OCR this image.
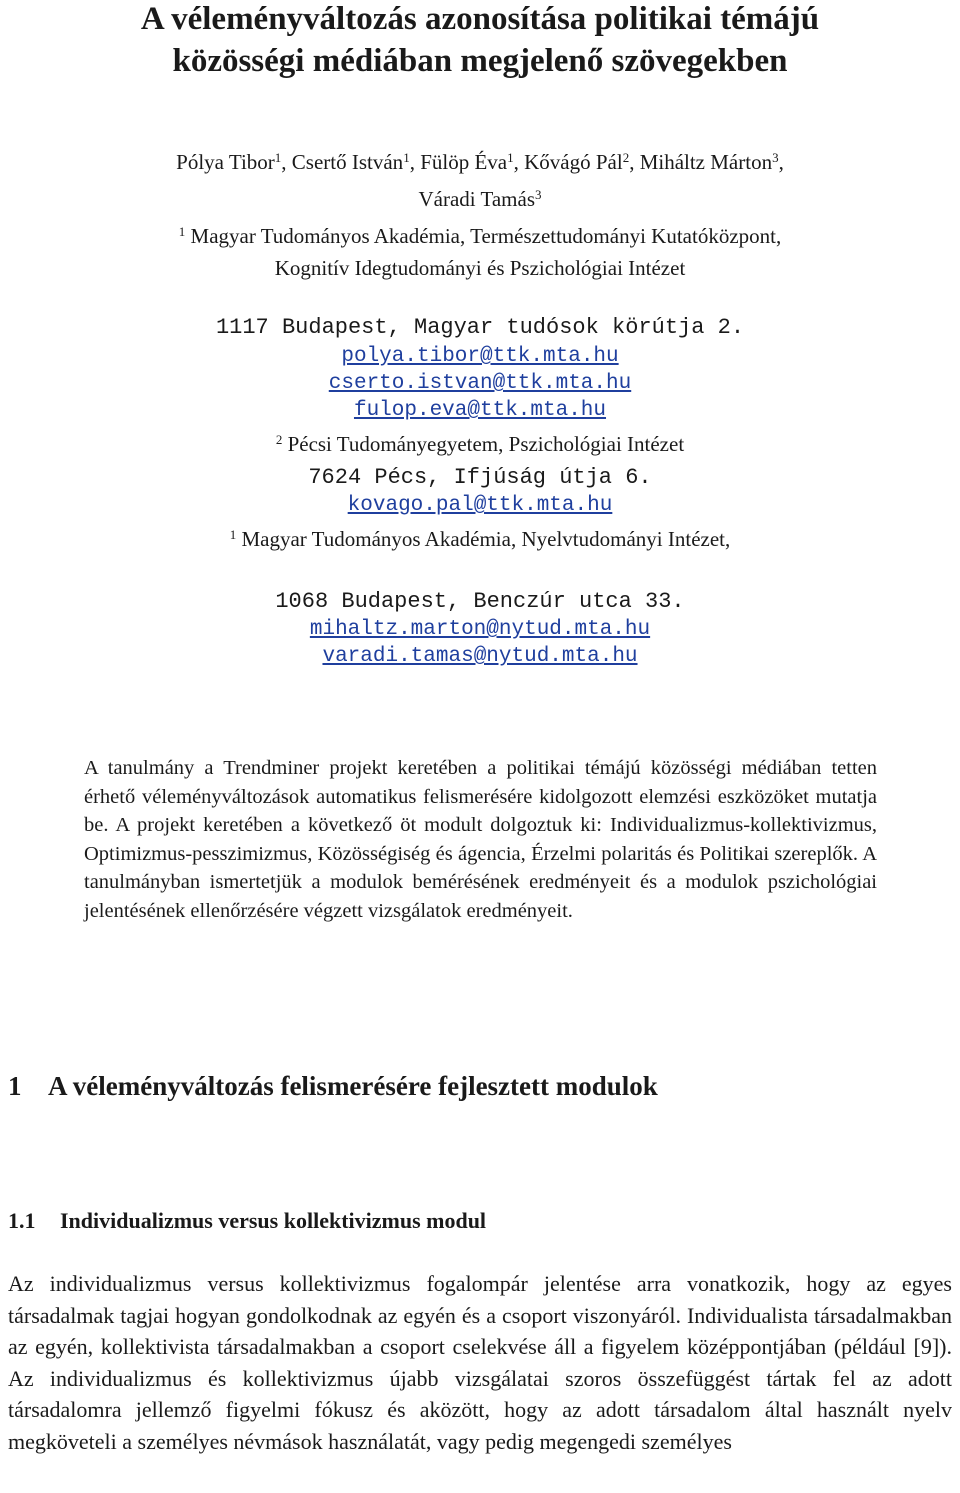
A véleményváltozás azonosítása politikai témájú
közösségi médiában megjelenő szövegekben
Pólya Tibor$^1$, Csertő István$^1$, Fülöp Éva$^1$, Kővágó Pál$^2$, Miháltz Márton$^3$,
Váradi Tamás$^3$
$^1$ Magyar Tudományos Akadémia, Természettudományi Kutatóközpont,
Kognitív Idegtudományi és Pszichológiai Intézet
1117 Budapest, Magyar tudósok körútja 2.
polya.tibor@ttk.mta.hu
cserto.istvan@ttk.mta.hu
fulop.eva@ttk.mta.hu
$^2$ Pécsi Tudományegyetem, Pszichológiai Intézet
7624 Pécs, Ifjúság útja 6.
kovago.pal@ttk.mta.hu
$^1$ Magyar Tudományos Akadémia, Nyelvtudományi Intézet,
1068 Budapest, Benczúr utca 33.
mihaltz.marton@nytud.mta.hu
varadi.tamas@nytud.mta.hu
A tanulmány a Trendminer projekt keretében a politikai témájú közösségi médiában tetten érhető véleményváltozások automatikus felismerésére kidolgozott elemzési eszközöket mutatja be. A projekt keretében a következő öt modult dolgoztuk ki: Individualizmus-kollektivizmus, Optimizmus-pesszimizmus, Közösségiség és ágencia, Érzelmi polaritás és Politikai szereplők. A tanulmányban ismertetjük a modulok bemérésének eredményeit és a modulok pszichológiai jelentésének ellenőrzésére végzett vizsgálatok eredményeit.
1 A véleményváltozás felismerésére fejlesztett modulok
1.1 Individualizmus versus kollektivizmus modul
Az individualizmus versus kollektivizmus fogalompár jelentése arra vonatkozik, hogy az egyes társadalmak tagjai hogyan gondolkodnak az egyén és a csoport viszonyáról. Individualista társadalmakban az egyén, kollektivista társadalmakban a csoport cselekvése áll a figyelem középpontjában (például [9]). Az individualizmus és kollektivizmus újabb vizsgálatai szoros összefüggést tártak fel az adott társadalomra jellemző figyelmi fókusz és aközött, hogy az adott társadalom által használt nyelv megköveteli a személyes névmások használatát, vagy pedig megengedi személyes
